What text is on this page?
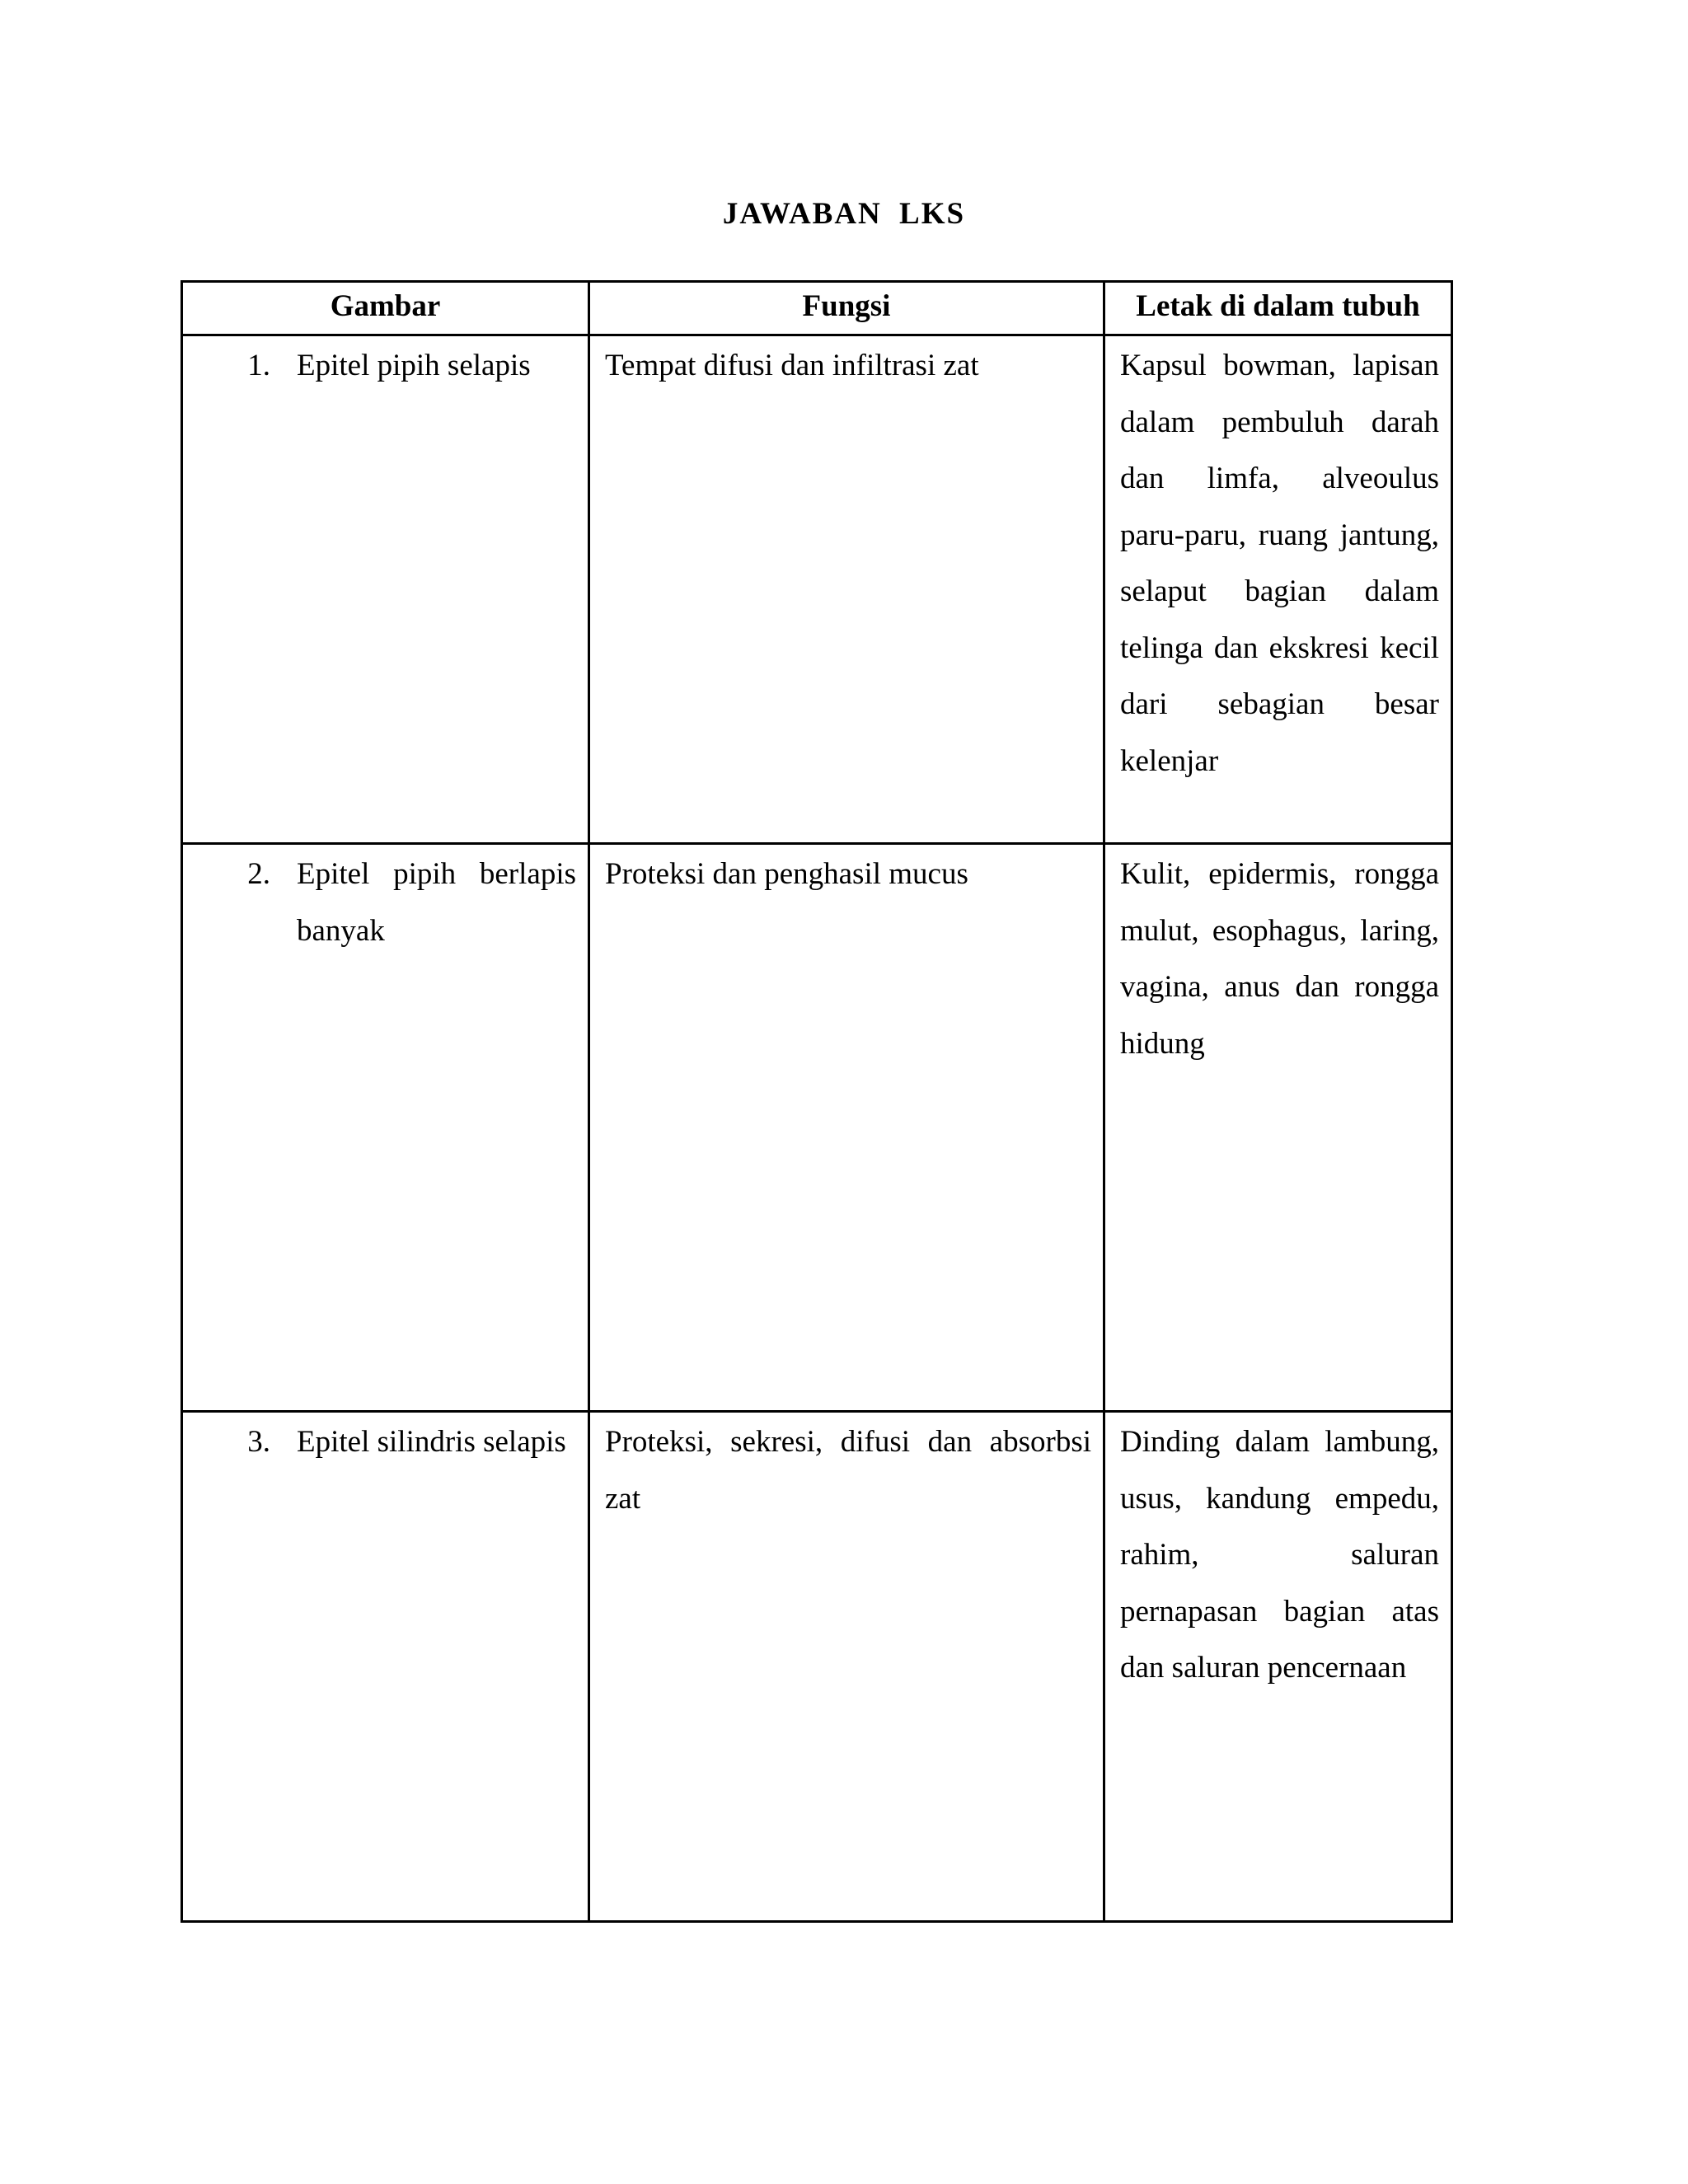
JAWABAN LKS
Gambar	Fungsi	Letak di dalam tubuh

1. Epitel pipih selapis	Tempat difusi dan infiltrasi zat	Kapsul bowman, lapisan dalam pembuluh darah dan limfa, alveoulus paru-paru, ruang jantung, selaput bagian dalam telinga dan ekskresi kecil dari sebagian besar kelenjar

2. Epitel pipih berlapis banyak	Proteksi dan penghasil mucus	Kulit, epidermis, rongga mulut, esophagus, laring, vagina, anus dan rongga hidung

3. Epitel silindris selapis	Proteksi, sekresi, difusi dan absorbsi zat	Dinding dalam lambung, usus, kandung empedu, rahim, saluran pernapasan bagian atas dan saluran pencernaan
